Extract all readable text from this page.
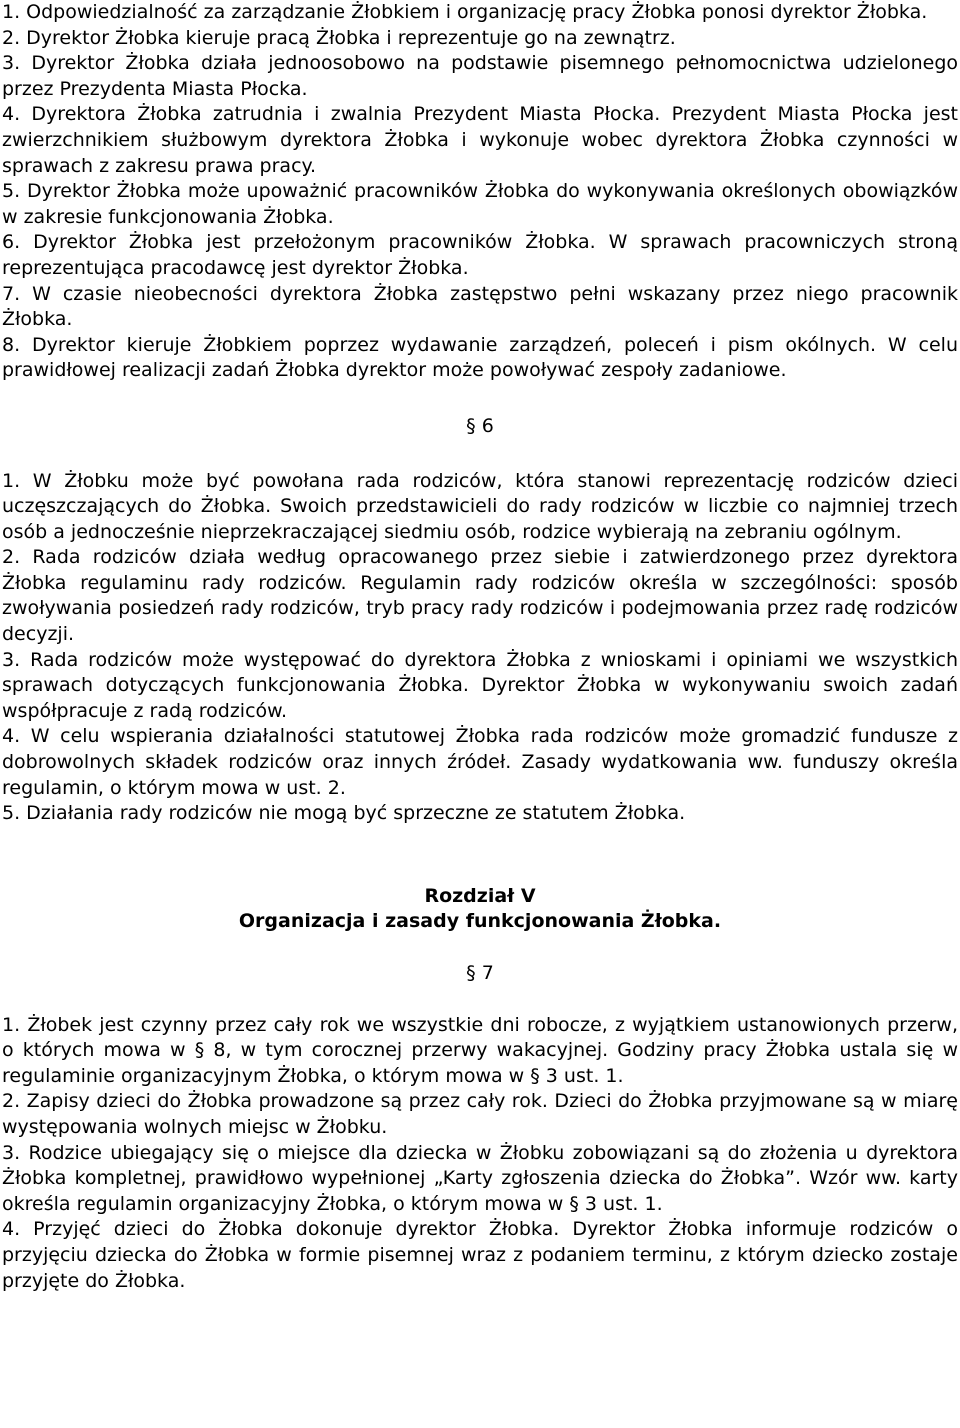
1. Odpowiedzialność za zarządzanie Żłobkiem i organizację pracy Żłobka ponosi dyrektor Żłobka.

2. Dyrektor Żłobka kieruje pracą Żłobka i reprezentuje go na zewnątrz.

3. Dyrektor Żłobka działa jednoosobowo na podstawie pisemnego pełnomocnictwa udzielonego przez Prezydenta Miasta Płocka.

4. Dyrektora Żłobka zatrudnia i zwalnia Prezydent Miasta Płocka. Prezydent Miasta Płocka jest zwierzchnikiem służbowym dyrektora Żłobka i wykonuje wobec dyrektora Żłobka czynności w sprawach z zakresu prawa pracy.

5. Dyrektor Żłobka może upoważnić pracowników Żłobka do wykonywania określonych obowiązków w zakresie funkcjonowania Żłobka.

6. Dyrektor Żłobka jest przełożonym pracowników Żłobka. W sprawach pracowniczych stroną reprezentująca pracodawcę jest dyrektor Żłobka.

7. W czasie nieobecności dyrektora Żłobka zastępstwo pełni wskazany przez niego pracownik Żłobka.

8. Dyrektor kieruje Żłobkiem poprzez wydawanie zarządzeń, poleceń i pism okólnych. W celu prawidłowej realizacji zadań Żłobka dyrektor może powoływać zespoły zadaniowe.

§ 6

1. W Żłobku może być powołana rada rodziców, która stanowi reprezentację rodziców dzieci uczęszczających do Żłobka. Swoich przedstawicieli do rady rodziców w liczbie co najmniej trzech osób a jednocześnie nieprzekraczającej siedmiu osób, rodzice wybierają na zebraniu ogólnym.

2. Rada rodziców działa według opracowanego przez siebie i zatwierdzonego przez dyrektora Żłobka regulaminu rady rodziców. Regulamin rady rodziców określa w szczególności: sposób zwoływania posiedzeń rady rodziców, tryb pracy rady rodziców i podejmowania przez radę rodziców decyzji.

3. Rada rodziców może występować do dyrektora Żłobka z wnioskami i opiniami we wszystkich sprawach dotyczących funkcjonowania Żłobka. Dyrektor Żłobka w wykonywaniu swoich zadań współpracuje z radą rodziców.

4. W celu wspierania działalności statutowej Żłobka rada rodziców może gromadzić fundusze z dobrowolnych składek rodziców oraz innych źródeł. Zasady wydatkowania ww. funduszy określa regulamin, o którym mowa w ust. 2.

5. Działania rady rodziców nie mogą być sprzeczne ze statutem Żłobka.

Rozdział V

Organizacja i zasady funkcjonowania Żłobka.

§ 7

1. Żłobek jest czynny przez cały rok we wszystkie dni robocze, z wyjątkiem ustanowionych przerw, o których mowa w § 8, w tym corocznej przerwy wakacyjnej. Godziny pracy Żłobka ustala się w regulaminie organizacyjnym Żłobka, o którym mowa w § 3 ust. 1.

2. Zapisy dzieci do Żłobka prowadzone są przez cały rok. Dzieci do Żłobka przyjmowane są w miarę występowania wolnych miejsc w Żłobku.

3. Rodzice ubiegający się o miejsce dla dziecka w Żłobku zobowiązani są do złożenia u dyrektora Żłobka kompletnej, prawidłowo wypełnionej „Karty zgłoszenia dziecka do Żłobka”. Wzór ww. karty określa regulamin organizacyjny Żłobka, o którym mowa w § 3 ust. 1.

4. Przyjęć dzieci do Żłobka dokonuje dyrektor Żłobka. Dyrektor Żłobka informuje rodziców o przyjęciu dziecka do Żłobka w formie pisemnej wraz z podaniem terminu, z którym dziecko zostaje przyjęte do Żłobka.
